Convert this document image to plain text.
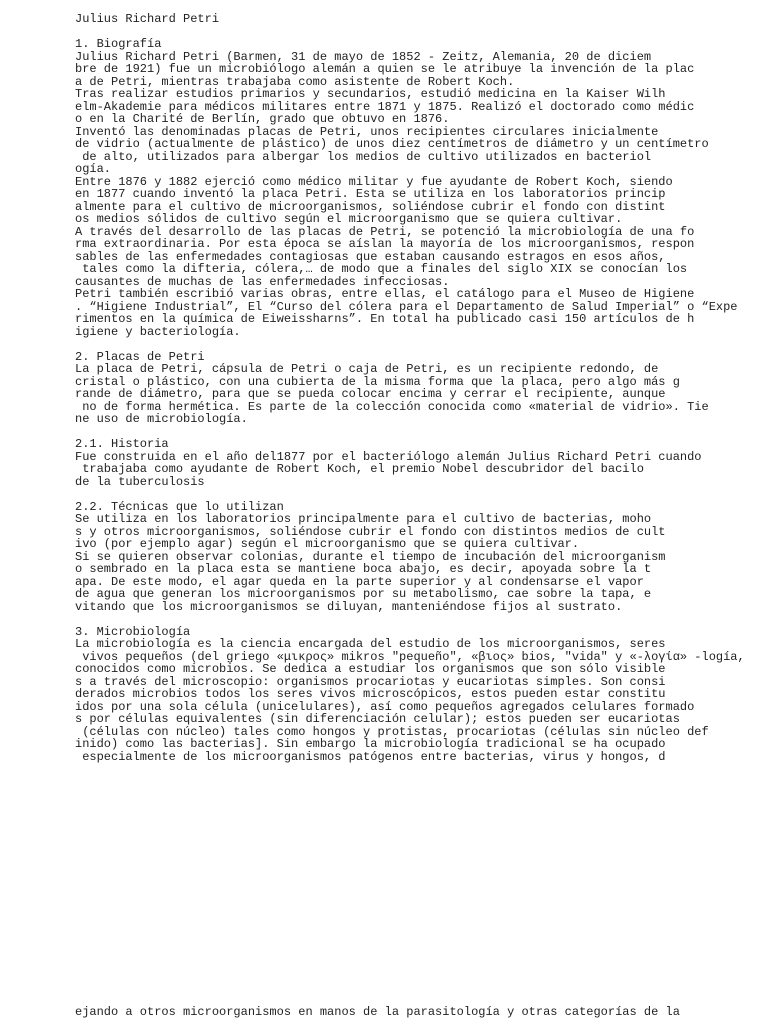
Julius Richard Petri
1. Biografía
Julius Richard Petri (Barmen, 31 de mayo de 1852 - Zeitz, Alemania, 20 de diciem
bre de 1921) fue un microbiólogo alemán a quien se le atribuye la invención de la plac
a de Petri, mientras trabajaba como asistente de Robert Koch.
Tras realizar estudios primarios y secundarios, estudió medicina en la Kaiser Wilh
elm-Akademie para médicos militares entre 1871 y 1875. Realizó el doctorado como médic
o en la Charité de Berlín, grado que obtuvo en 1876.
Inventó las denominadas placas de Petri, unos recipientes circulares inicialmente
de vidrio (actualmente de plástico) de unos diez centímetros de diámetro y un centímetro
de alto, utilizados para albergar los medios de cultivo utilizados en bacteriol
ogía.
Entre 1876 y 1882 ejerció como médico militar y fue ayudante de Robert Koch, siendo
en 1877 cuando inventó la placa Petri. Esta se utiliza en los laboratorios princip
almente para el cultivo de microorganismos, soliéndose cubrir el fondo con distint
os medios sólidos de cultivo según el microorganismo que se quiera cultivar.
A través del desarrollo de las placas de Petri, se potenció la microbiología de una fo
rma extraordinaria. Por esta época se aíslan la mayoría de los microorganismos, respon
sables de las enfermedades contagiosas que estaban causando estragos en esos años,
tales como la difteria, cólera,… de modo que a finales del siglo XIX se conocían los
causantes de muchas de las enfermedades infecciosas.
Petri también escribió varias obras, entre ellas, el catálogo para el Museo de Higiene
. “Higiene Industrial”, El “Curso del cólera para el Departamento de Salud Imperial” o “Expe
rimentos en la química de Eiweissharns”. En total ha publicado casi 150 artículos de h
igiene y bacteriología.
2. Placas de Petri
La placa de Petri, cápsula de Petri o caja de Petri, es un recipiente redondo, de
cristal o plástico, con una cubierta de la misma forma que la placa, pero algo más g
rande de diámetro, para que se pueda colocar encima y cerrar el recipiente, aunque
no de forma hermética. Es parte de la colección conocida como «material de vidrio». Tie
ne uso de microbiología.
2.1. Historia
Fue construida en el año del1877 por el bacteriólogo alemán Julius Richard Petri cuando
trabajaba como ayudante de Robert Koch, el premio Nobel descubridor del bacilo
de la tuberculosis
2.2. Técnicas que lo utilizan
Se utiliza en los laboratorios principalmente para el cultivo de bacterias, moho
s y otros microorganismos, soliéndose cubrir el fondo con distintos medios de cult
ivo (por ejemplo agar) según el microorganismo que se quiera cultivar.
Si se quieren observar colonias, durante el tiempo de incubación del microorganism
o sembrado en la placa esta se mantiene boca abajo, es decir, apoyada sobre la t
apa. De este modo, el agar queda en la parte superior y al condensarse el vapor
de agua que generan los microorganismos por su metabolismo, cae sobre la tapa, e
vitando que los microorganismos se diluyan, manteniéndose fijos al sustrato.
3. Microbiología
La microbiología es la ciencia encargada del estudio de los microorganismos, seres
vivos pequeños (del griego «μικρος» mikros "pequeño", «βιος» bios, "vida" y «-λογία» -logía,
conocidos como microbios. Se dedica a estudiar los organismos que son sólo visible
s a través del microscopio: organismos procariotas y eucariotas simples. Son consi
derados microbios todos los seres vivos microscópicos, estos pueden estar constitu
idos por una sola célula (unicelulares), así como pequeños agregados celulares formado
s por células equivalentes (sin diferenciación celular); estos pueden ser eucariotas
(células con núcleo) tales como hongos y protistas, procariotas (células sin núcleo def
inido) como las bacterias]. Sin embargo la microbiología tradicional se ha ocupado
especialmente de los microorganismos patógenos entre bacterias, virus y hongos, d
ejando a otros microorganismos en manos de la parasitología y otras categorías de la
